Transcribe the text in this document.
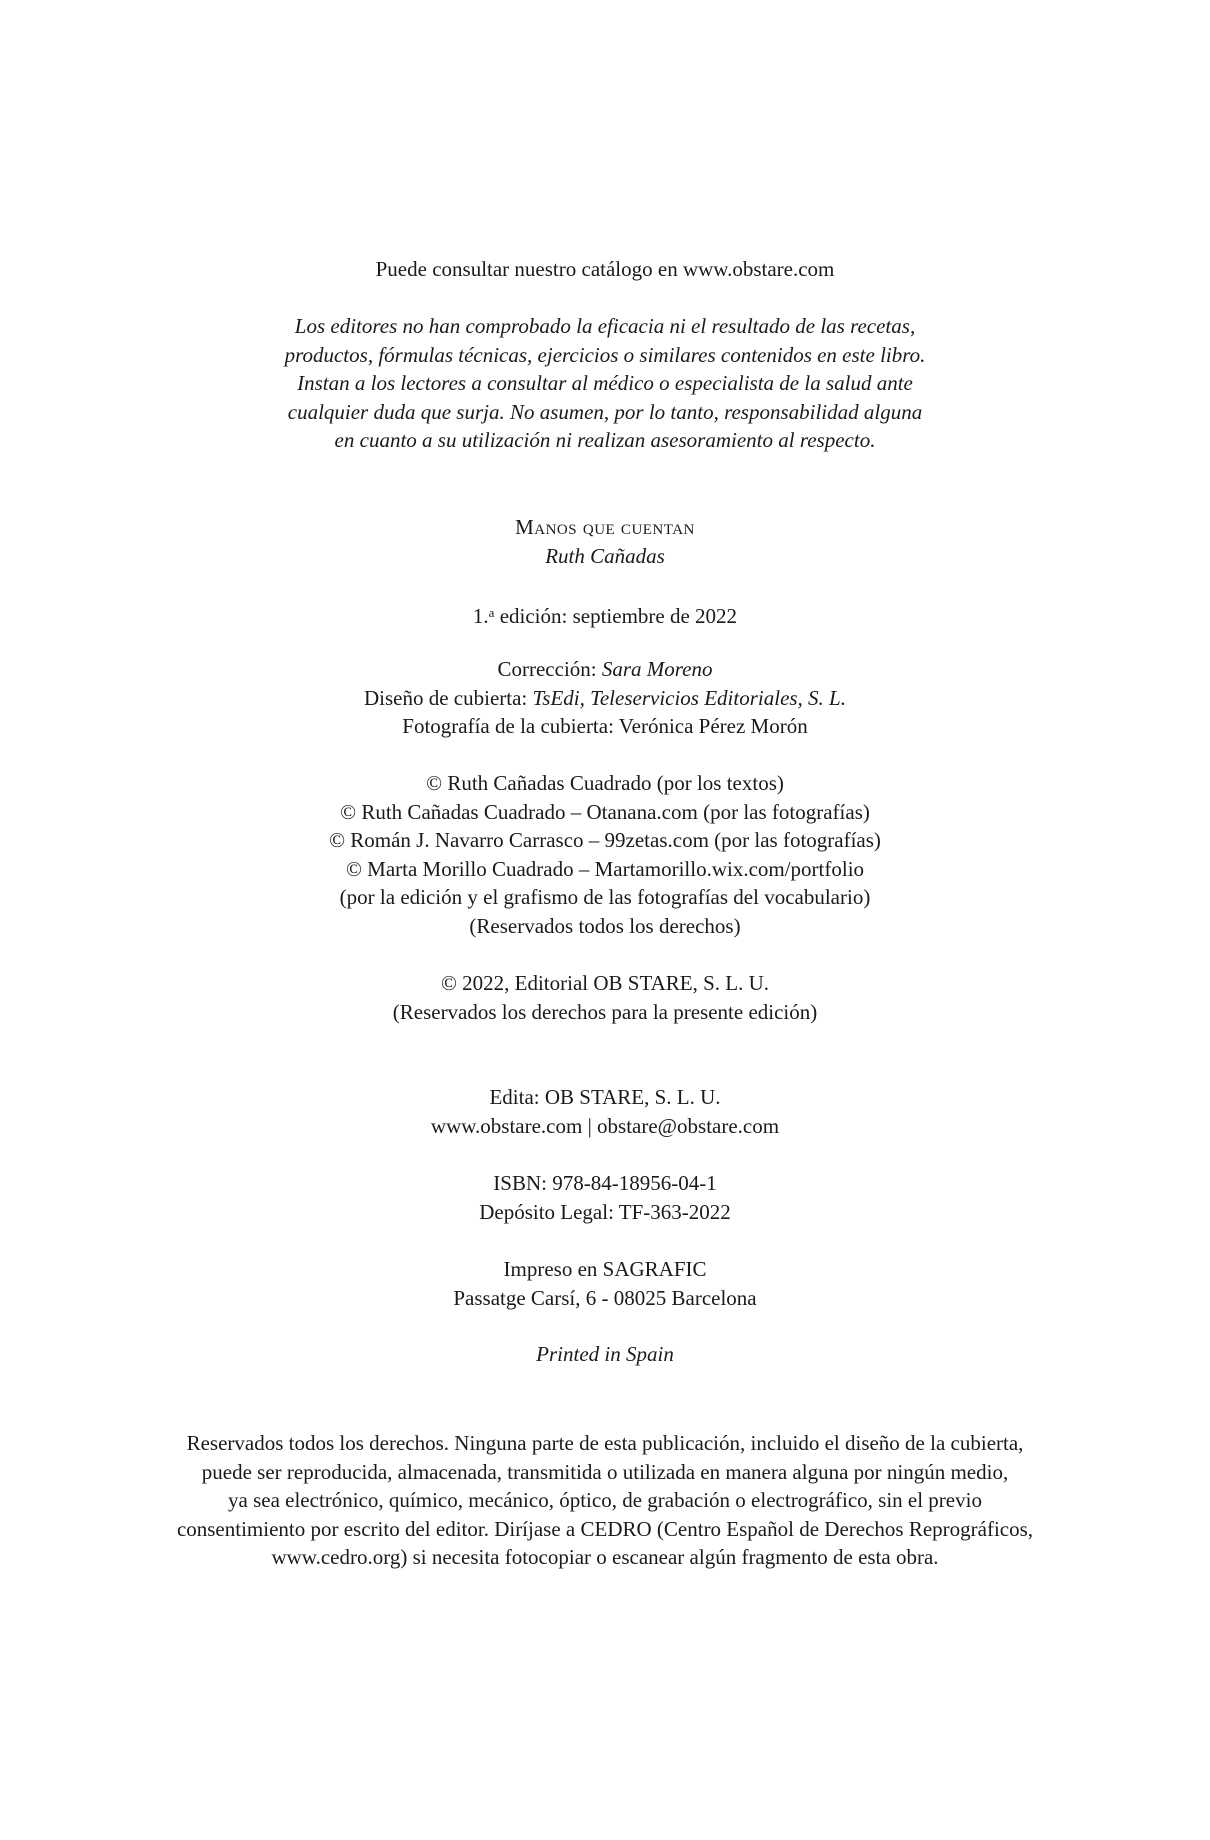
Puede consultar nuestro catálogo en www.obstare.com
Los editores no han comprobado la eficacia ni el resultado de las recetas,
productos, fórmulas técnicas, ejercicios o similares contenidos en este libro.
Instan a los lectores a consultar al médico o especialista de la salud ante
cualquier duda que surja. No asumen, por lo tanto, responsabilidad alguna
en cuanto a su utilización ni realizan asesoramiento al respecto.
Manos que cuentan
Ruth Cañadas
1.$^a$ edición: septiembre de 2022
Corrección: Sara Moreno
Diseño de cubierta: TsEdi, Teleservicios Editoriales, S. L.
Fotografía de la cubierta: Verónica Pérez Morón
© Ruth Cañadas Cuadrado (por los textos)
© Ruth Cañadas Cuadrado – Otanana.com (por las fotografías)
© Román J. Navarro Carrasco – 99zetas.com (por las fotografías)
© Marta Morillo Cuadrado – Martamorillo.wix.com/portfolio
(por la edición y el grafismo de las fotografías del vocabulario)
(Reservados todos los derechos)
© 2022, Editorial OB STARE, S. L. U.
(Reservados los derechos para la presente edición)
Edita: OB STARE, S. L. U.
www.obstare.com | obstare@obstare.com
ISBN: 978-84-18956-04-1
Depósito Legal: TF-363-2022
Impreso en SAGRAFIC
Passatge Carsí, 6 - 08025 Barcelona
Printed in Spain
Reservados todos los derechos. Ninguna parte de esta publicación, incluido el diseño de la cubierta,
puede ser reproducida, almacenada, transmitida o utilizada en manera alguna por ningún medio,
ya sea electrónico, químico, mecánico, óptico, de grabación o electrográfico, sin el previo
consentimiento por escrito del editor. Diríjase a CEDRO (Centro Español de Derechos Reprográficos,
www.cedro.org) si necesita fotocopiar o escanear algún fragmento de esta obra.
